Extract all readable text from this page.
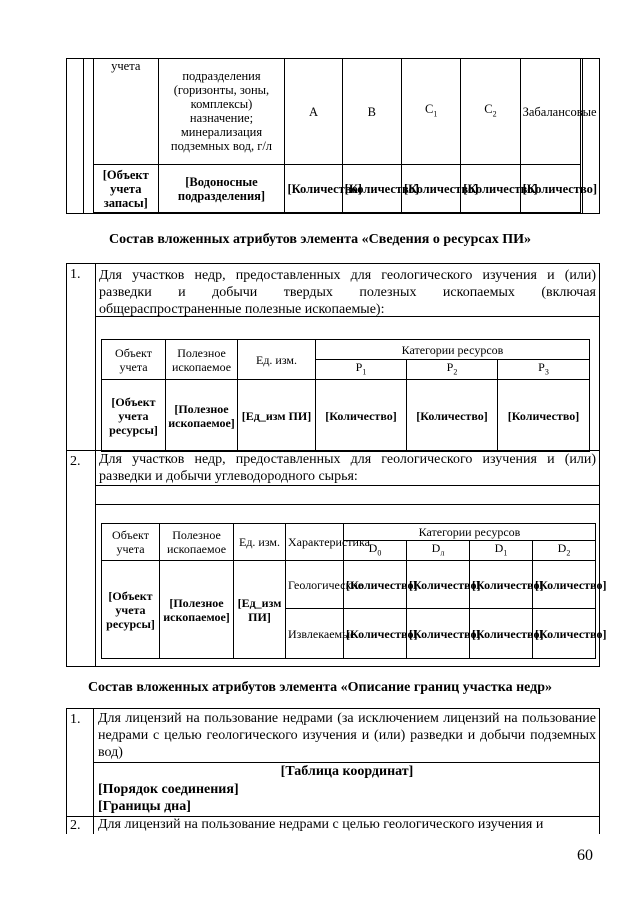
учета	подразделения (горизонты, зоны, комплексы) назначение; минерализация подземных вод, г/л	A	B	$C_1$	$C_2$	Забалансовые
[Объект учета запасы]	[Водоносные подразделения]	[Количество]	[Количество]	[Количество]	[Количество]	[Количество]
Состав вложенных атрибутов элемента «Сведения о ресурсах ПИ»
1. Для участков недр, предоставленных для геологического изучения и (или) разведки и добычи твердых полезных ископаемых (включая общераспространенные полезные ископаемые):
Объект учета	Полезное ископаемое	Ед. изм.	Категории ресурсов		
			$P_1$	$P_2$	$P_3$
[Объект учета ресурсы]	[Полезное ископаемое]	[Ед_изм ПИ]	[Количество]	[Количество]	[Количество]
2. Для участков недр, предоставленных для геологического изучения и (или) разведки и добычи углеводородного сырья:
Объект учета	Полезное ископаемое	Ед. изм.	Характеристика	Категории ресурсов			
				$D_0$	$D_л$	$D_1$	$D_2$
[Объект учета ресурсы]	[Полезное ископаемое]	[Ед_изм ПИ]	Геологические	[Количество]	[Количество]	[Количество]	[Количество]
			Извлекаемые	[Количество]	[Количество]	[Количество]	[Количество]
Состав вложенных атрибутов элемента «Описание границ участка недр»
1. Для лицензий на пользование недрами (за исключением лицензий на пользование недрами с целью геологического изучения и (или) разведки и добычи подземных вод)
[Таблица координат]
[Порядок соединения]
[Границы дна]
2. Для лицензий на пользование недрами с целью геологического изучения и
60
